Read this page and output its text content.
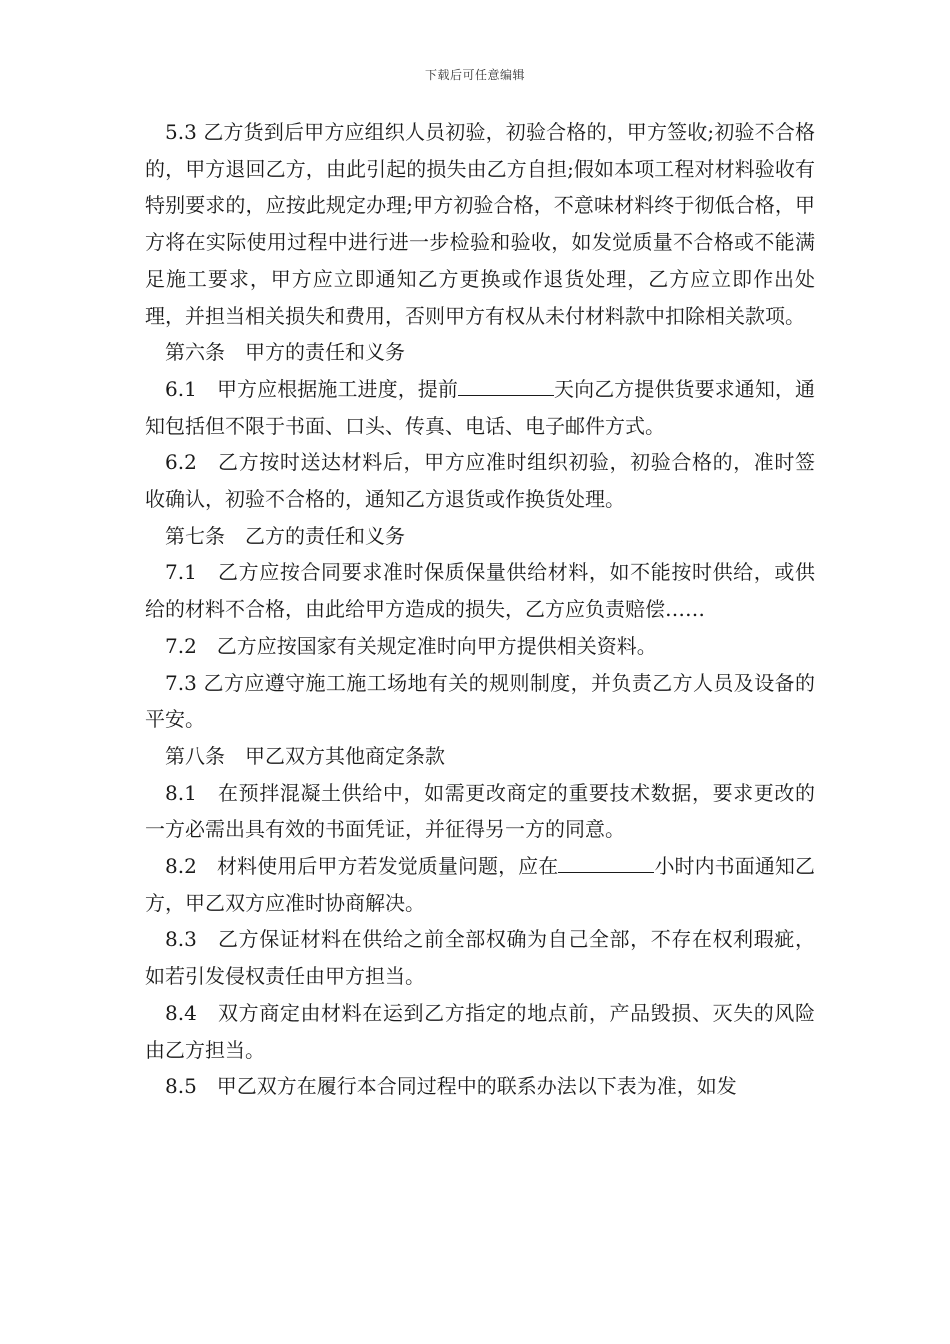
下载后可任意编辑

5.3 乙方货到后甲方应组织人员初验，初验合格的，甲方签收;初验不合格的，甲方退回乙方，由此引起的损失由乙方自担;假如本项工程对材料验收有特别要求的，应按此规定办理;甲方初验合格，不意味材料终于彻低合格，甲方将在实际使用过程中进行进一步检验和验收，如发觉质量不合格或不能满足施工要求，甲方应立即通知乙方更换或作退货处理，乙方应立即作出处理，并担当相关损失和费用，否则甲方有权从未付材料款中扣除相关款项。

第六条　甲方的责任和义务

6.1　甲方应根据施工进度，提前	天向乙方提供货要求通知，通知包括但不限于书面、口头、传真、电话、电子邮件方式。

6.2　乙方按时送达材料后，甲方应准时组织初验，初验合格的，准时签收确认，初验不合格的，通知乙方退货或作换货处理。

第七条　乙方的责任和义务

7.1　乙方应按合同要求准时保质保量供给材料，如不能按时供给，或供给的材料不合格，由此给甲方造成的损失，乙方应负责赔偿……

7.2　乙方应按国家有关规定准时向甲方提供相关资料。

7.3 乙方应遵守施工施工场地有关的规则制度，并负责乙方人员及设备的平安。

第八条　甲乙双方其他商定条款

8.1　在预拌混凝土供给中，如需更改商定的重要技术数据，要求更改的一方必需出具有效的书面凭证，并征得另一方的同意。

8.2　材料使用后甲方若发觉质量问题，应在	小时内书面通知乙方，甲乙双方应准时协商解决。

8.3　乙方保证材料在供给之前全部权确为自己全部，不存在权利瑕疵，如若引发侵权责任由甲方担当。

8.4　双方商定由材料在运到乙方指定的地点前，产品毁损、灭失的风险由乙方担当。

8.5　甲乙双方在履行本合同过程中的联系办法以下表为准，如发
